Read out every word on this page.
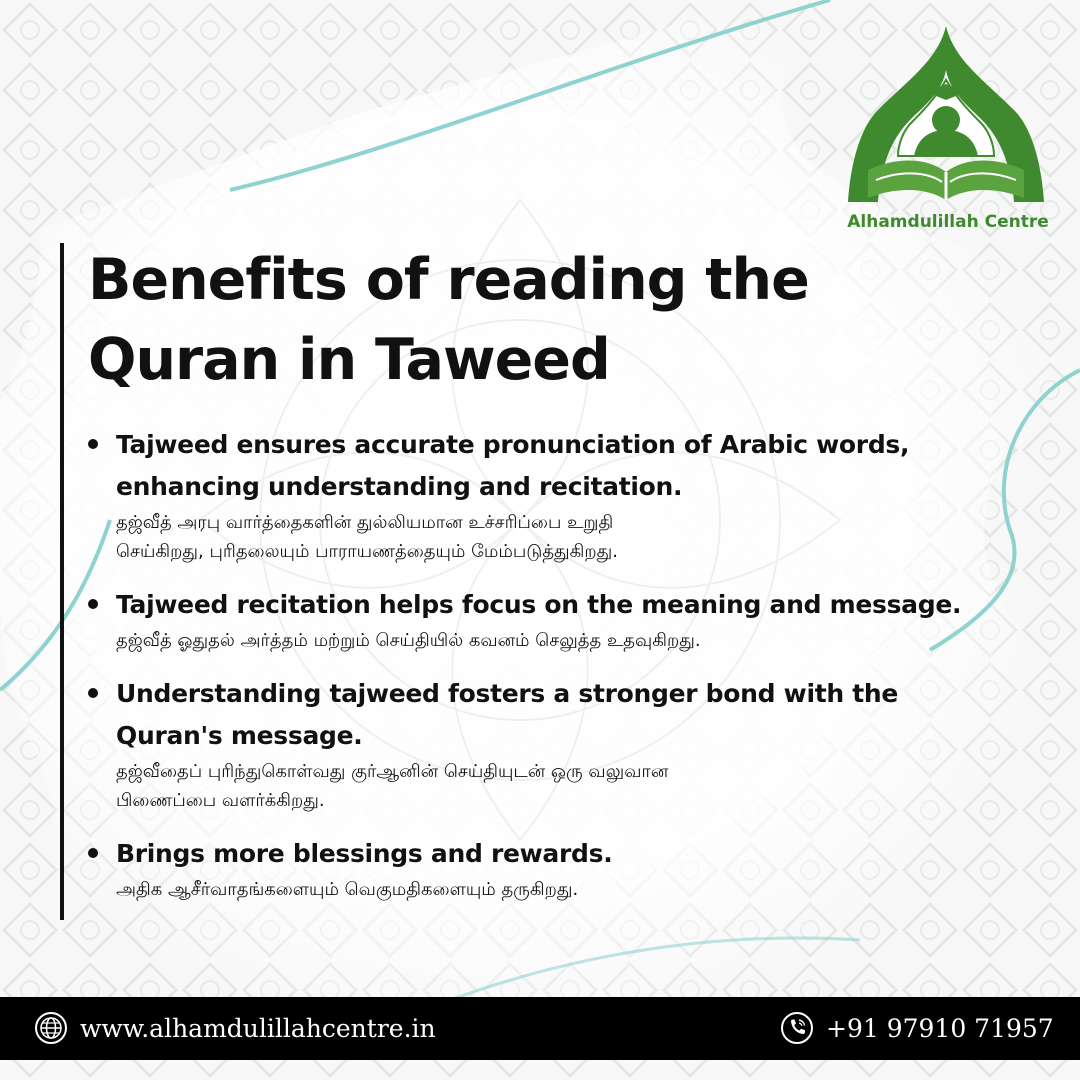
Alhamdulillah Centre
Benefits of reading the
Quran in Taweed
Tajweed ensures accurate pronunciation of Arabic words,
enhancing understanding and recitation.
தஜ்வீத் அரபு வார்த்தைகளின் துல்லியமான உச்சரிப்பை உறுதி
செய்கிறது, புரிதலையும் பாராயணத்தையும் மேம்படுத்துகிறது.
Tajweed recitation helps focus on the meaning and message.
தஜ்வீத் ஓதுதல் அர்த்தம் மற்றும் செய்தியில் கவனம் செலுத்த உதவுகிறது.
Understanding tajweed fosters a stronger bond with the
Quran's message.
தஜ்வீதைப் புரிந்துகொள்வது குர்ஆனின் செய்தியுடன் ஒரு வலுவான
பிணைப்பை வளர்க்கிறது.
Brings more blessings and rewards.
அதிக ஆசீர்வாதங்களையும் வெகுமதிகளையும் தருகிறது.
www.alhamdulillahcentre.in	+91 97910 71957
